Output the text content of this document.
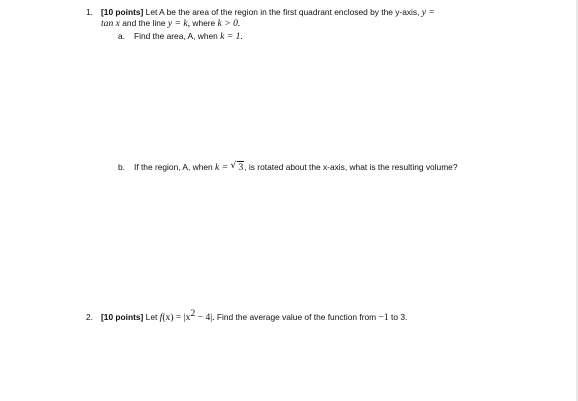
1. [10 points] Let A be the area of the region in the first quadrant enclosed by the y-axis, y =
tan x and the line y = k, where k > 0.
a. Find the area, A, when k = 1.
b. If the region, A, when k = √ 3, is rotated about the x-axis, what is the resulting volume?
2. [10 points] Let $f(x) = |x^2 - 4|$. Find the average value of the function from −1 to 3.
